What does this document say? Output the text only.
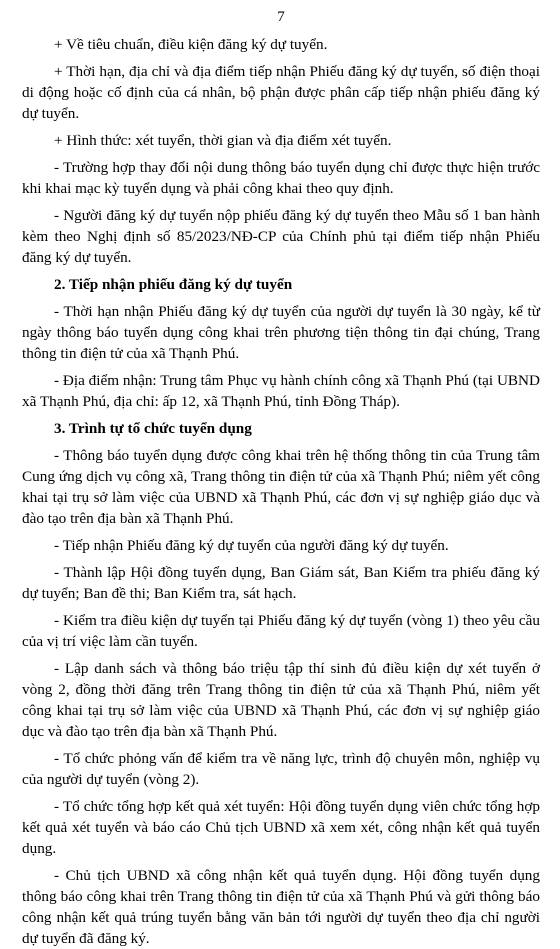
7

+ Về tiêu chuẩn, điều kiện đăng ký dự tuyển.

+ Thời hạn, địa chỉ và địa điểm tiếp nhận Phiếu đăng ký dự tuyển, số điện thoại di động hoặc cố định của cá nhân, bộ phận được phân cấp tiếp nhận phiếu đăng ký dự tuyển.

+ Hình thức: xét tuyển, thời gian và địa điểm xét tuyển.

- Trường hợp thay đổi nội dung thông báo tuyển dụng chỉ được thực hiện trước khi khai mạc kỳ tuyển dụng và phải công khai theo quy định.

- Người đăng ký dự tuyển nộp phiếu đăng ký dự tuyển theo Mẫu số 1 ban hành kèm theo Nghị định số 85/2023/NĐ-CP của Chính phủ tại điểm tiếp nhận Phiếu đăng ký dự tuyển.

2. Tiếp nhận phiếu đăng ký dự tuyển

- Thời hạn nhận Phiếu đăng ký dự tuyển của người dự tuyển là 30 ngày, kể từ ngày thông báo tuyển dụng công khai trên phương tiện thông tin đại chúng, Trang thông tin điện tử của xã Thạnh Phú.

- Địa điểm nhận: Trung tâm Phục vụ hành chính công xã Thạnh Phú (tại UBND xã Thạnh Phú, địa chỉ: ấp 12, xã Thạnh Phú, tỉnh Đồng Tháp).

3. Trình tự tổ chức tuyển dụng

- Thông báo tuyển dụng được công khai trên hệ thống thông tin của Trung tâm Cung ứng dịch vụ công xã, Trang thông tin điện tử của xã Thạnh Phú; niêm yết công khai tại trụ sở làm việc của UBND xã Thạnh Phú, các đơn vị sự nghiệp giáo dục và đào tạo trên địa bàn xã Thạnh Phú.

- Tiếp nhận Phiếu đăng ký dự tuyển của người đăng ký dự tuyển.

- Thành lập Hội đồng tuyển dụng, Ban Giám sát, Ban Kiểm tra phiếu đăng ký dự tuyển; Ban đề thi; Ban Kiểm tra, sát hạch.

- Kiểm tra điều kiện dự tuyển tại Phiếu đăng ký dự tuyển (vòng 1) theo yêu cầu của vị trí việc làm cần tuyển.

- Lập danh sách và thông báo triệu tập thí sinh đủ điều kiện dự xét tuyển ở vòng 2, đồng thời đăng trên Trang thông tin điện tử của xã Thạnh Phú, niêm yết công khai tại trụ sở làm việc của UBND xã Thạnh Phú, các đơn vị sự nghiệp giáo dục và đào tạo trên địa bàn xã Thạnh Phú.

- Tổ chức phỏng vấn để kiểm tra về năng lực, trình độ chuyên môn, nghiệp vụ của người dự tuyển (vòng 2).

- Tổ chức tổng hợp kết quả xét tuyển: Hội đồng tuyển dụng viên chức tổng hợp kết quả xét tuyển và báo cáo Chủ tịch UBND xã xem xét, công nhận kết quả tuyển dụng.

- Chủ tịch UBND xã công nhận kết quả tuyển dụng. Hội đồng tuyển dụng thông báo công khai trên Trang thông tin điện tử của xã Thạnh Phú và gửi thông báo công nhận kết quả trúng tuyển bằng văn bản tới người dự tuyển theo địa chỉ người dự tuyển đã đăng ký.
